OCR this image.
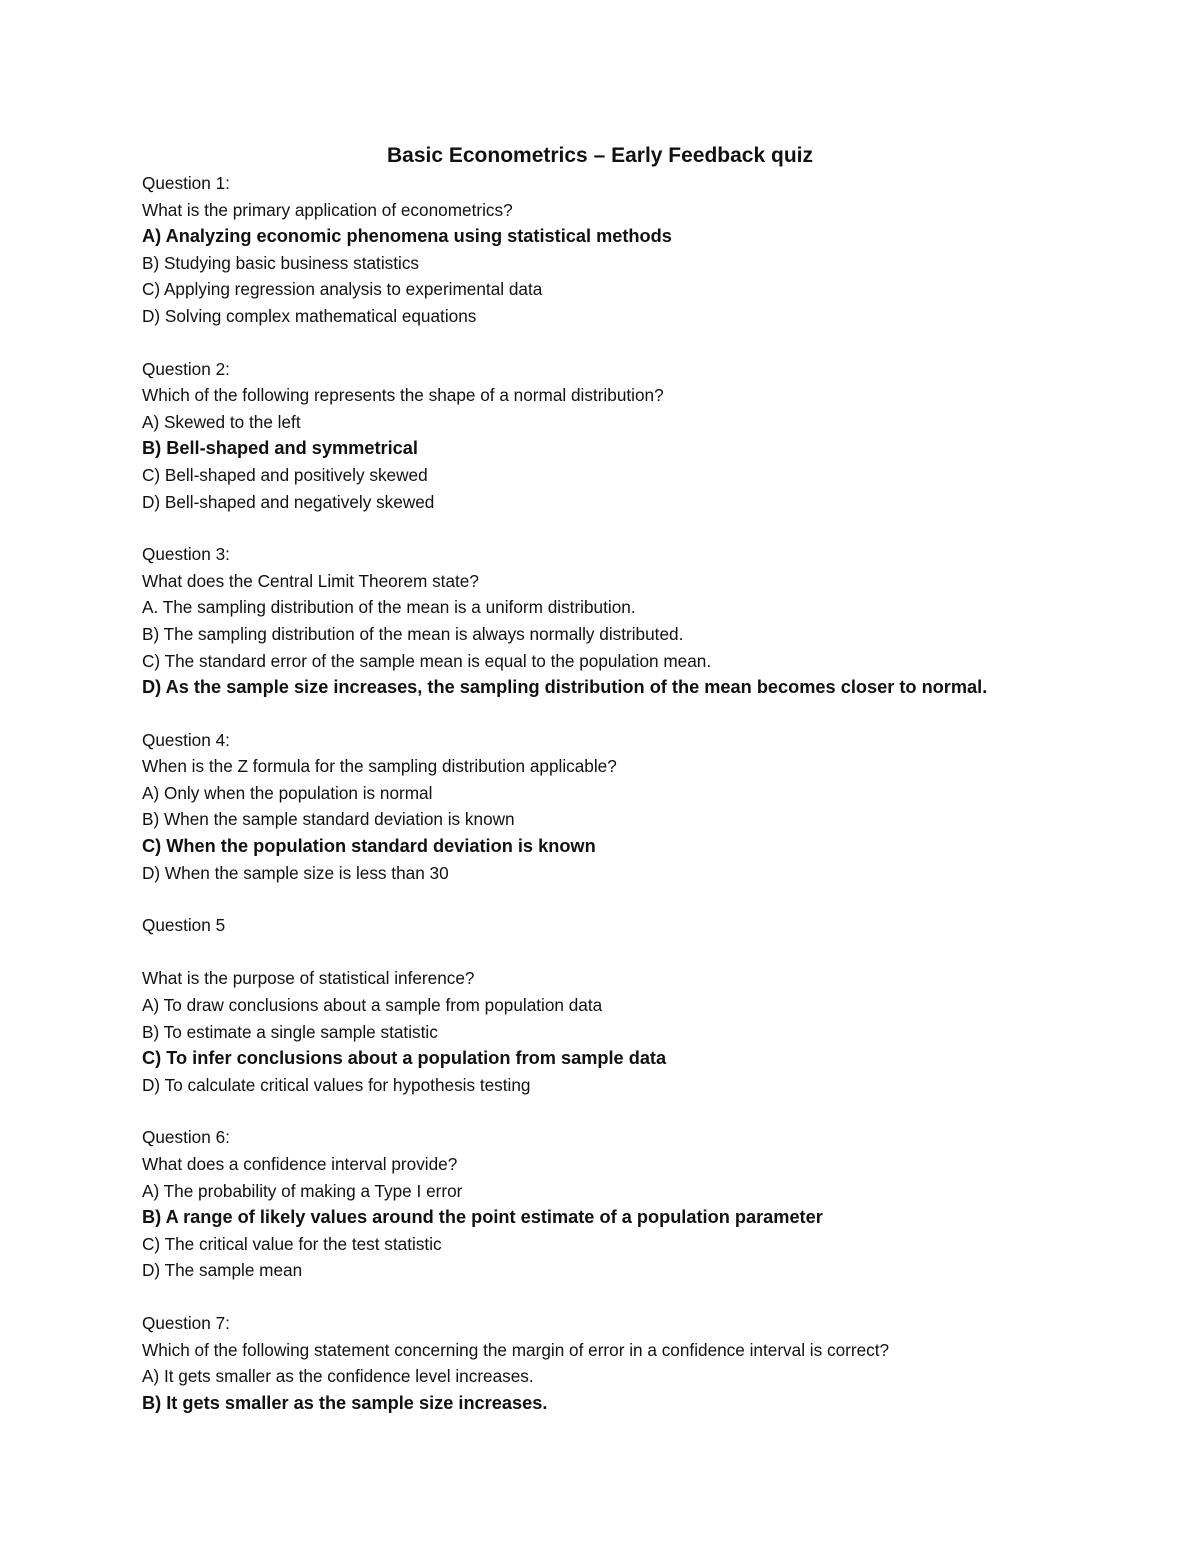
Basic Econometrics – Early Feedback quiz
Question 1:
What is the primary application of econometrics?
A) Analyzing economic phenomena using statistical methods
B) Studying basic business statistics
C) Applying regression analysis to experimental data
D) Solving complex mathematical equations
Question 2:
Which of the following represents the shape of a normal distribution?
A) Skewed to the left
B) Bell-shaped and symmetrical
C) Bell-shaped and positively skewed
D) Bell-shaped and negatively skewed
Question 3:
What does the Central Limit Theorem state?
A. The sampling distribution of the mean is a uniform distribution.
B) The sampling distribution of the mean is always normally distributed.
C) The standard error of the sample mean is equal to the population mean.
D) As the sample size increases, the sampling distribution of the mean becomes closer to normal.
Question 4:
When is the Z formula for the sampling distribution applicable?
A) Only when the population is normal
B) When the sample standard deviation is known
C) When the population standard deviation is known
D) When the sample size is less than 30
Question 5
What is the purpose of statistical inference?
A) To draw conclusions about a sample from population data
B) To estimate a single sample statistic
C) To infer conclusions about a population from sample data
D) To calculate critical values for hypothesis testing
Question 6:
What does a confidence interval provide?
A) The probability of making a Type I error
B) A range of likely values around the point estimate of a population parameter
C) The critical value for the test statistic
D) The sample mean
Question 7:
Which of the following statement concerning the margin of error in a confidence interval is correct?
A) It gets smaller as the confidence level increases.
B) It gets smaller as the sample size increases.
